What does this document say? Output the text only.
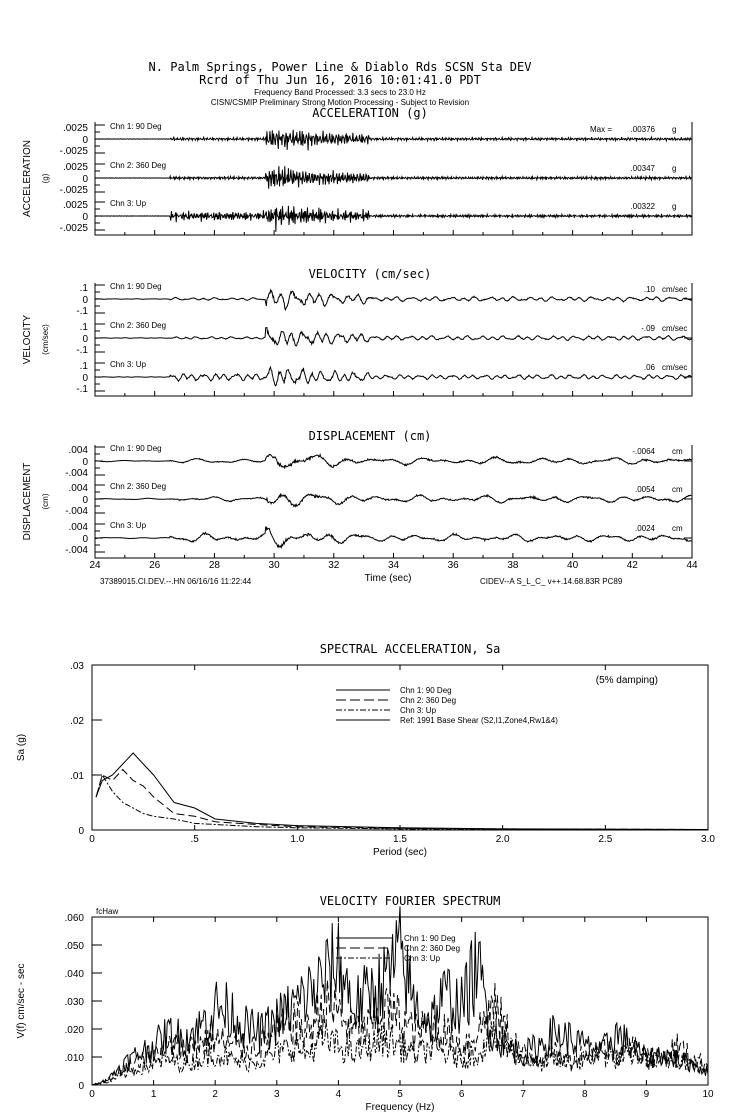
N. Palm Springs, Power Line & Diablo Rds SCSN Sta DEV
Rcrd of Thu Jun 16, 2016 10:01:41.0 PDT
Frequency Band Processed: 3.3 secs to 23.0 Hz
CISN/CSMIP Preliminary Strong Motion Processing - Subject to Revision
ACCELERATION (g)
ACCELERATION (g)
.0025
0
-.0025
Chn 1: 90 Deg	Max = .00376 g
.0025
0
-.0025
Chn 2: 360 Deg	.00347 g
.0025
0
-.0025
Chn 3: Up	.00322 g
VELOCITY (cm/sec)
VELOCITY (cm/sec)
.1
0
-.1
Chn 1: 90 Deg	.10 cm/sec
.1
0
-.1
Chn 2: 360 Deg	-.09 cm/sec
.1
0
-.1
Chn 3: Up	.06 cm/sec
DISPLACEMENT (cm)
DISPLACEMENT (cm)
.004
0
-.004
Chn 1: 90 Deg	-.0064 cm
.004
0
-.004
Chn 2: 360 Deg	.0054 cm
.004
0
-.004
Chn 3: Up	.0024 cm
24	26	28	30	32	34	36	38	40	42	44
Time (sec)
37389015.CI.DEV.--.HN 06/16/16 11:22:44	CIDEV--A S_L_C_ v++.14.68.83R PC89
SPECTRAL ACCELERATION, Sa
0	.5	1.0	1.5	2.0	2.5	3.0
0
.01
.02
.03
Period (sec)
Sa (g)
(5% damping)
Chn 1: 90 Deg
Chn 2: 360 Deg
Chn 3: Up
Ref: 1991 Base Shear (S2,I1,Zone4,Rw1&4)
VELOCITY FOURIER SPECTRUM
0	1	2	3	4	5	6	7	8	9	10
0
.010
.020
.030
.040
.050
.060
Frequency (Hz)
V(f) cm/sec - sec
fcHaw
Chn 1: 90 Deg
Chn 2: 360 Deg
Chn 3: Up
